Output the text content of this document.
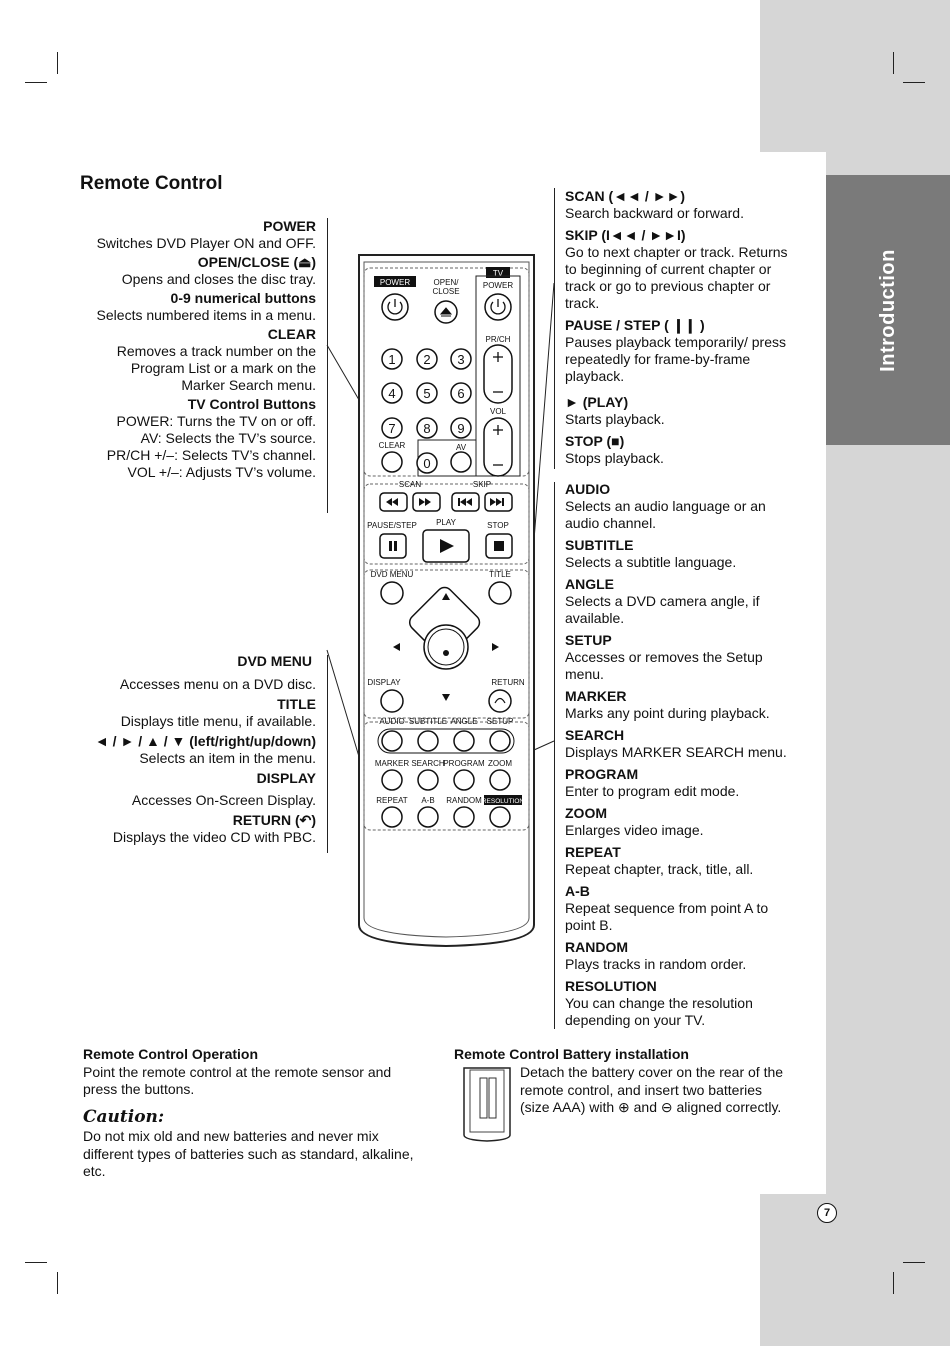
Introduction
Remote Control
POWER
Switches DVD Player ON and OFF.
OPEN/CLOSE (⏏)
Opens and closes the disc tray.
0-9 numerical buttons
Selects numbered items in a menu.
CLEAR
Removes a track number on the
Program List or a mark on the
Marker Search menu.
TV Control Buttons
POWER: Turns the TV on or off.
AV: Selects the TV’s source.
PR/CH +/–: Selects TV’s channel.
VOL +/–: Adjusts TV’s volume.
DVD MENU
Accesses menu on a DVD disc.
TITLE
Displays title menu, if available.
◄ / ► / ▲ / ▼ (left/right/up/down)
Selects an item in the menu.
DISPLAY
Accesses On-Screen Display.
RETURN (↶)
Displays the video CD with PBC.
SCAN (◄◄ / ►►)
Search backward or forward.
SKIP (I◄◄ / ►►I)
Go to next chapter or track. Returns
to beginning of current chapter or
track or go to previous chapter or
track.
PAUSE / STEP ( ❙❙ )
Pauses playback temporarily/ press
repeatedly for frame-by-frame
playback.
► (PLAY)
Starts playback.
STOP (■)
Stops playback.
AUDIO
Selects an audio language or an
audio channel.
SUBTITLE
Selects a subtitle language.
ANGLE
Selects a DVD camera angle, if
available.
SETUP
Accesses or removes the Setup
menu.
MARKER
Marks any point during playback.
SEARCH
Displays MARKER SEARCH menu.
PROGRAM
Enter to program edit mode.
ZOOM
Enlarges video image.
REPEAT
Repeat chapter, track, title, all.
A-B
Repeat sequence from point A to
point B.
RANDOM
Plays tracks in random order.
RESOLUTION
You can change the resolution
depending on your TV.
POWER	OPEN/
CLOSE
TV
POWER
PR/CH
VOL
CLEAR	AV
SCAN	SKIP
PAUSE/STEP PLAY	STOP
DVD MENU	TITLE
DISPLAY	RETURN
AUDIO SUBTITLE ANGLE SETUP
MARKER SEARCH
PROGRAM ZOOM
REPEAT A-B RANDOM RESOLUTION
1 2 3
4 5 6
7 8 9
0
Remote Control Operation
Point the remote control at the remote sensor and
press the buttons.
Caution:
Do not mix old and new batteries and never mix
different types of batteries such as standard, alkaline,
etc.
Remote Control Battery installation
Detach the battery cover on the rear of the
remote control, and insert two batteries
(size AAA) with ⊕ and ⊖ aligned correctly.
7
